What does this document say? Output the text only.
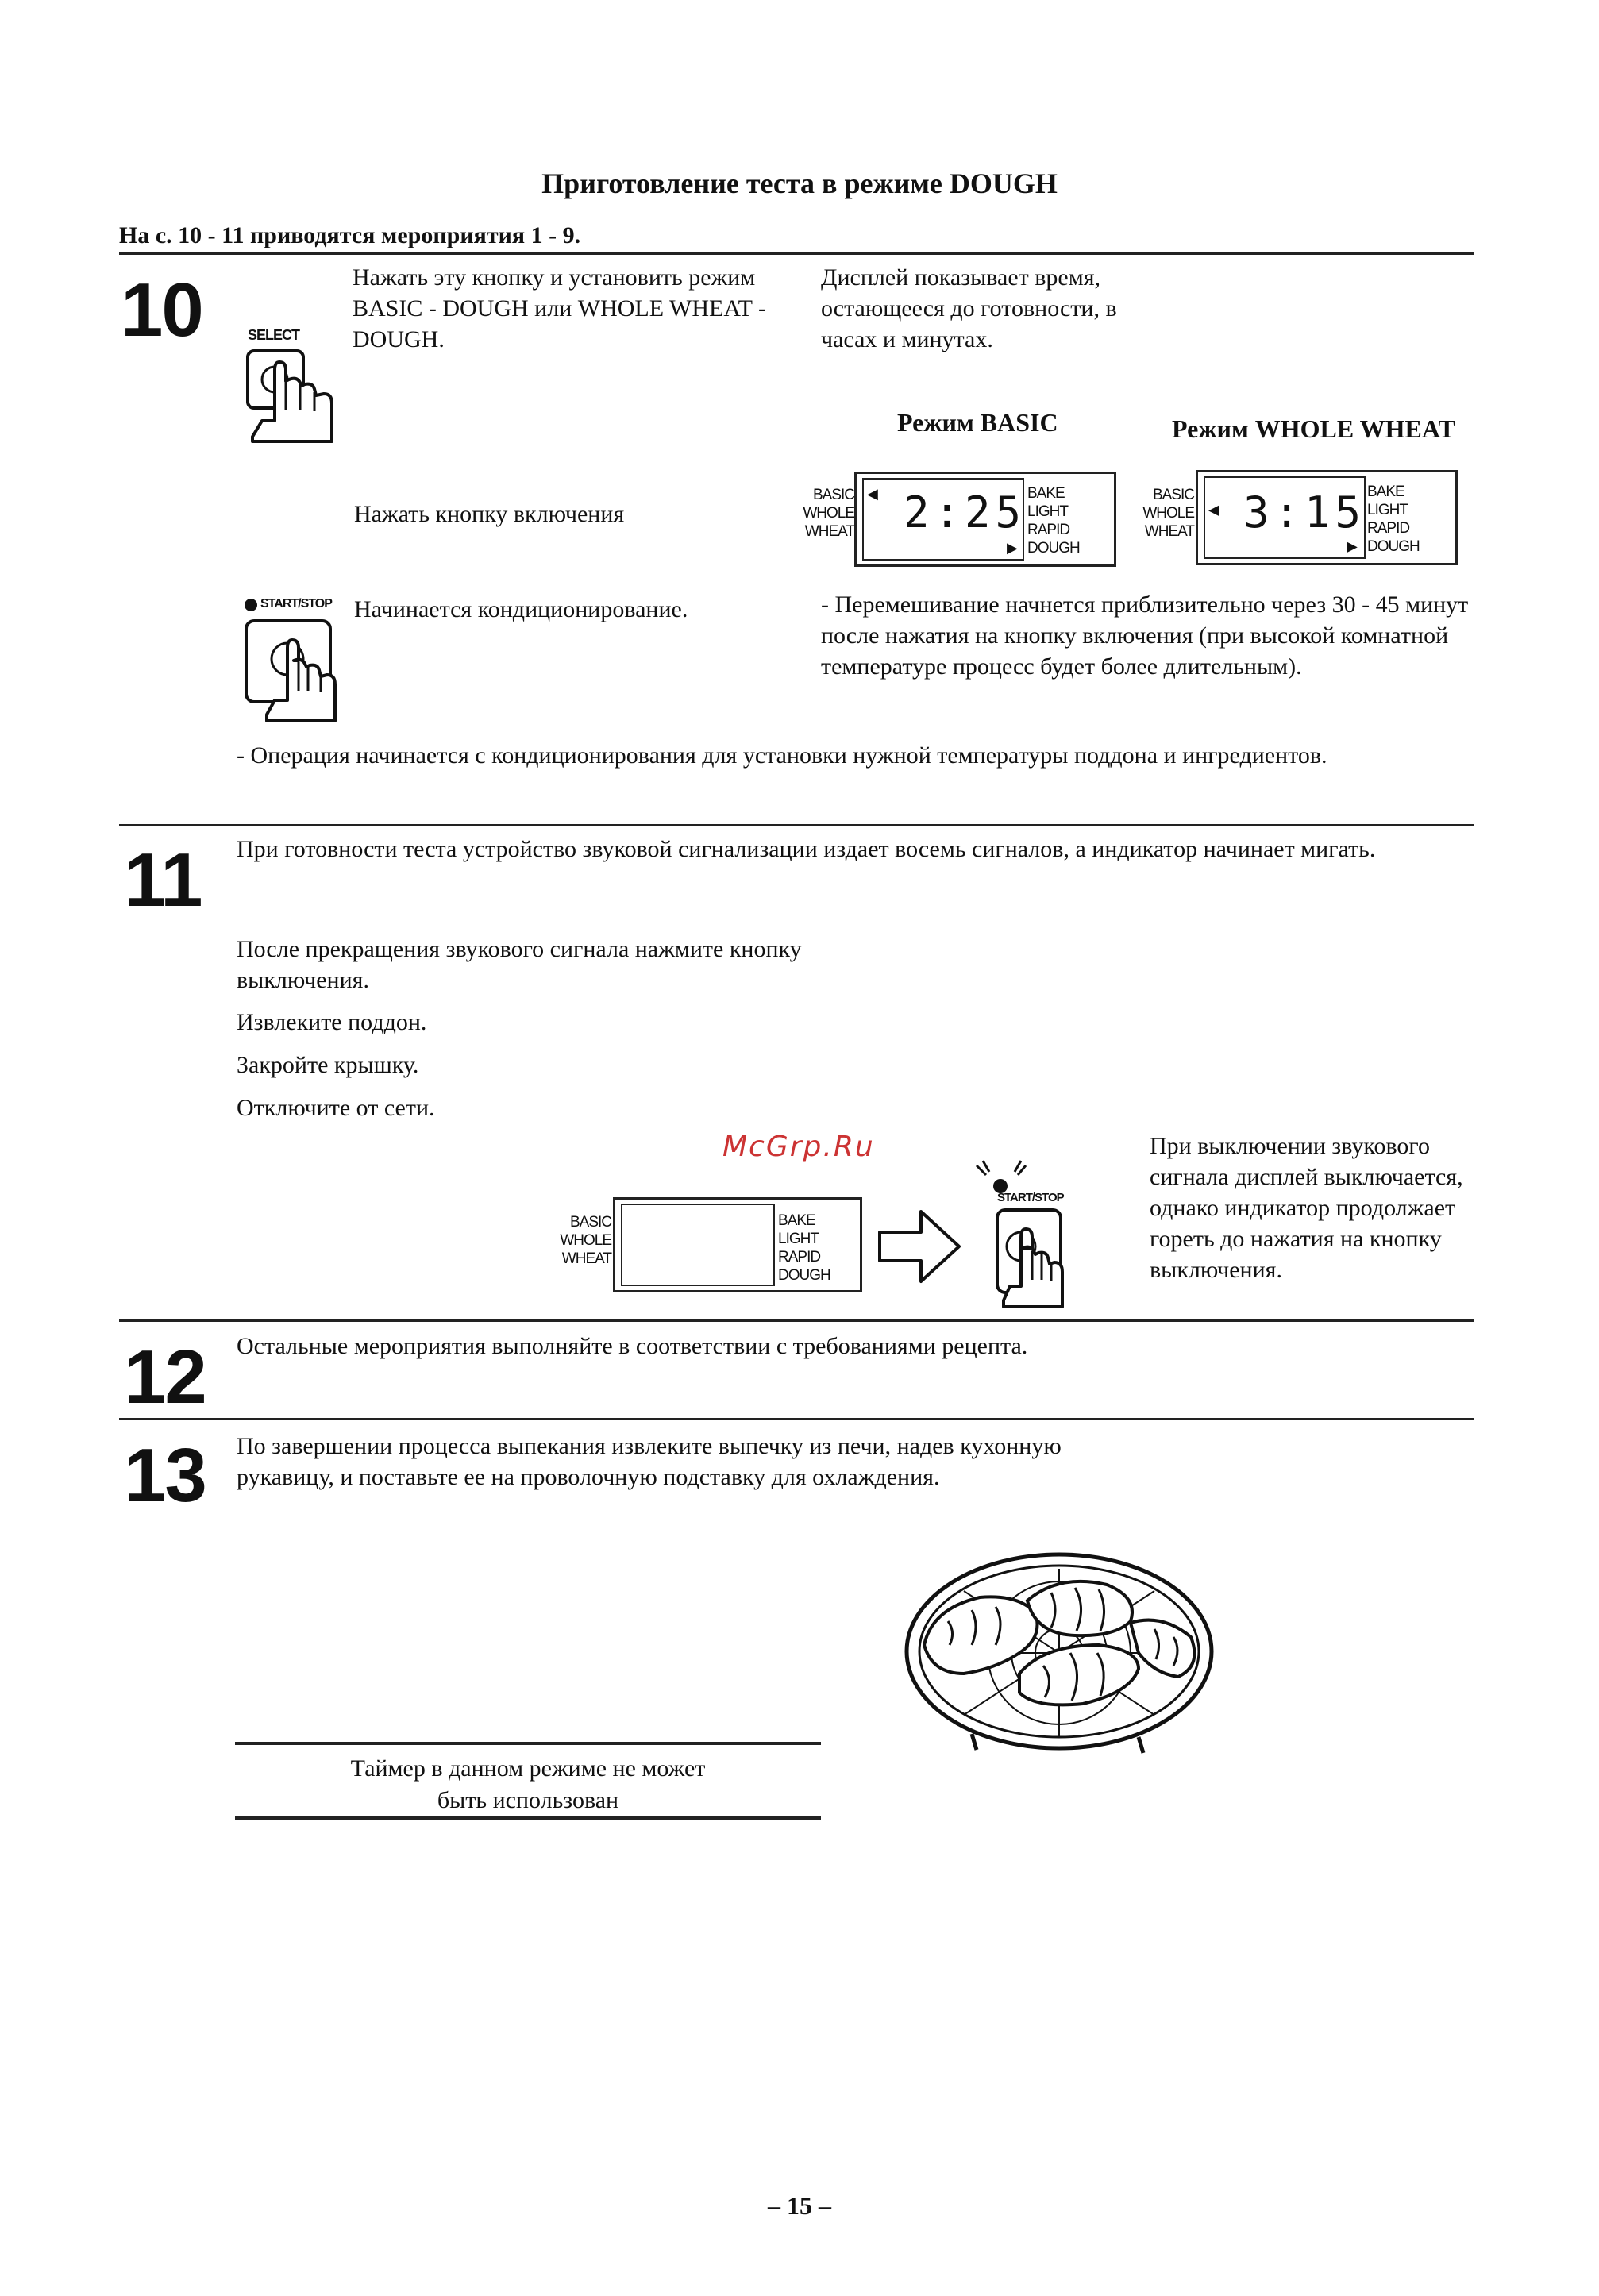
Приготовление теста в режиме DOUGH
На с. 10 - 11 приводятся мероприятия 1 - 9.
10	SELECT
Нажать эту кнопку и установить режим BASIC - DOUGH или WHOLE WHEAT - DOUGH.
Дисплей показывает время, остающееся до готовности, в часах и минутах.
Режим BASIC	Режим WHOLE WHEAT
Нажать кнопку включения
BASIC
WHOLE
WHEAT
◀ 2:25
▶
BAKE
LIGHT
RAPID
DOUGH
BASIC
WHOLE
WHEAT
◀ 3:15
▶
BAKE
LIGHT
RAPID
DOUGH
START/STOP Начинается кондиционирование.	- Перемешивание начнется приблизительно через 30 - 45 минут после нажатия на кнопку включения (при высокой комнатной температуре процесс будет более длительным).
- Операция начинается с кондиционирования для установки нужной температуры поддона и ингредиентов.
11 При готовности теста устройство звуковой сигнализации издает восемь сигналов, а индикатор начинает мигать.
После прекращения звукового сигнала нажмите кнопку выключения.
Извлеките поддон.
Закройте крышку.
Отключите от сети.
McGrp.Ru
BASIC
WHOLE
WHEAT
BAKE
LIGHT
RAPID
DOUGH
START/STOP
При выключении звукового сигнала дисплей выключается, однако индикатор продолжает гореть до нажатия на кнопку выключения.
12 Остальные мероприятия выполняйте в соответствии с требованиями рецепта.
13 По завершении процесса выпекания извлеките выпечку из печи, надев кухонную рукавицу, и поставьте ее на проволочную подставку для охлаждения.
Таймер в данном режиме не может быть использован
– 15 –
